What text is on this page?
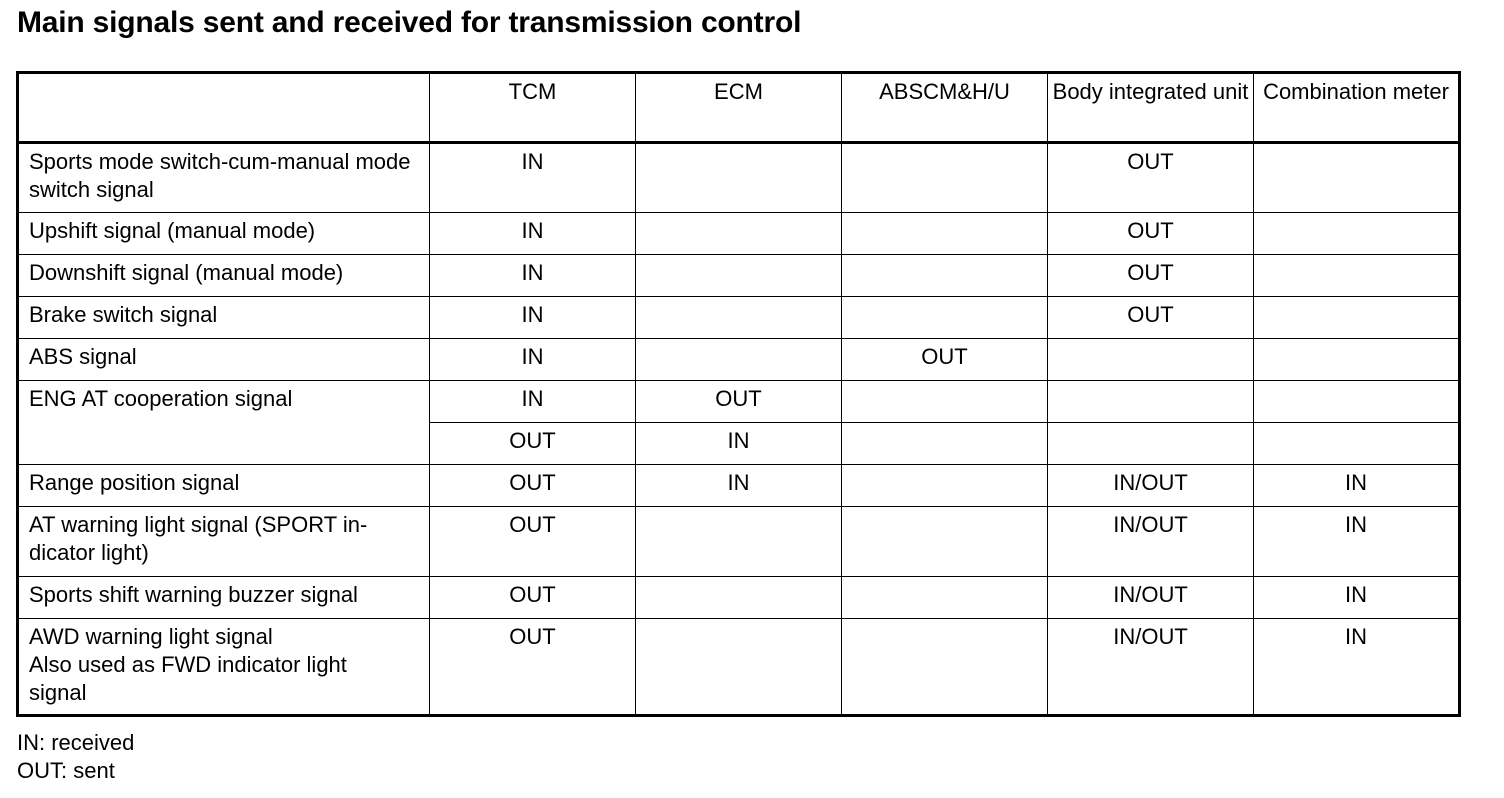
Main signals sent and received for transmission control
	TCM	ECM	ABSCM&H/U	Body integrated unit	Combination meter
Sports mode switch-cum-manual mode switch signal	IN			OUT	
Upshift signal (manual mode)	IN			OUT	
Downshift signal (manual mode)	IN			OUT	
Brake switch signal	IN			OUT	
ABS signal	IN		OUT		
ENG AT cooperation signal	IN	OUT			
	OUT	IN			
Range position signal	OUT	IN		IN/OUT	IN
AT warning light signal (SPORT in-
dicator light)	OUT			IN/OUT	IN
Sports shift warning buzzer signal	OUT			IN/OUT	IN
AWD warning light signal
Also used as FWD indicator light
signal	OUT			IN/OUT	IN
IN: received
OUT: sent
